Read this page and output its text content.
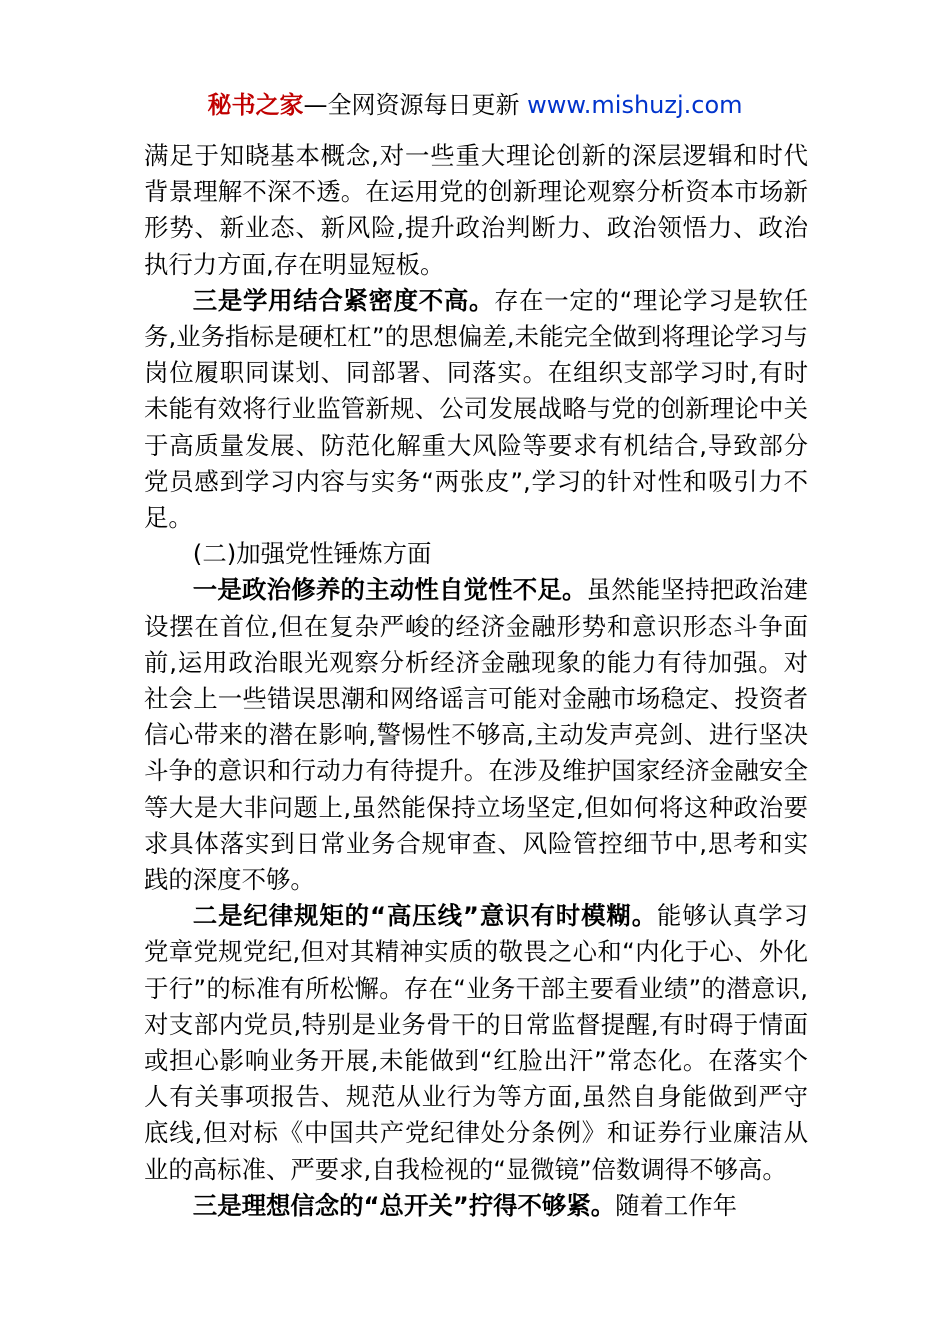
秘书之家—全网资源每日更新 www.mishuzj.com

满足于知晓基本概念,对一些重大理论创新的深层逻辑和时代背景理解不深不透。在运用党的创新理论观察分析资本市场新形势、新业态、新风险,提升政治判断力、政治领悟力、政治执行力方面,存在明显短板。

三是学用结合紧密度不高。存在一定的“理论学习是软任务,业务指标是硬杠杠”的思想偏差,未能完全做到将理论学习与岗位履职同谋划、同部署、同落实。在组织支部学习时,有时未能有效将行业监管新规、公司发展战略与党的创新理论中关于高质量发展、防范化解重大风险等要求有机结合,导致部分党员感到学习内容与实务“两张皮”,学习的针对性和吸引力不足。

(二)加强党性锤炼方面

一是政治修养的主动性自觉性不足。虽然能坚持把政治建设摆在首位,但在复杂严峻的经济金融形势和意识形态斗争面前,运用政治眼光观察分析经济金融现象的能力有待加强。对社会上一些错误思潮和网络谣言可能对金融市场稳定、投资者信心带来的潜在影响,警惕性不够高,主动发声亮剑、进行坚决斗争的意识和行动力有待提升。在涉及维护国家经济金融安全等大是大非问题上,虽然能保持立场坚定,但如何将这种政治要求具体落实到日常业务合规审查、风险管控细节中,思考和实践的深度不够。

二是纪律规矩的“高压线”意识有时模糊。能够认真学习党章党规党纪,但对其精神实质的敬畏之心和“内化于心、外化于行”的标准有所松懈。存在“业务干部主要看业绩”的潜意识,对支部内党员,特别是业务骨干的日常监督提醒,有时碍于情面或担心影响业务开展,未能做到“红脸出汗”常态化。在落实个人有关事项报告、规范从业行为等方面,虽然自身能做到严守底线,但对标《中国共产党纪律处分条例》和证券行业廉洁从业的高标准、严要求,自我检视的“显微镜”倍数调得不够高。

三是理想信念的“总开关”拧得不够紧。随着工作年
